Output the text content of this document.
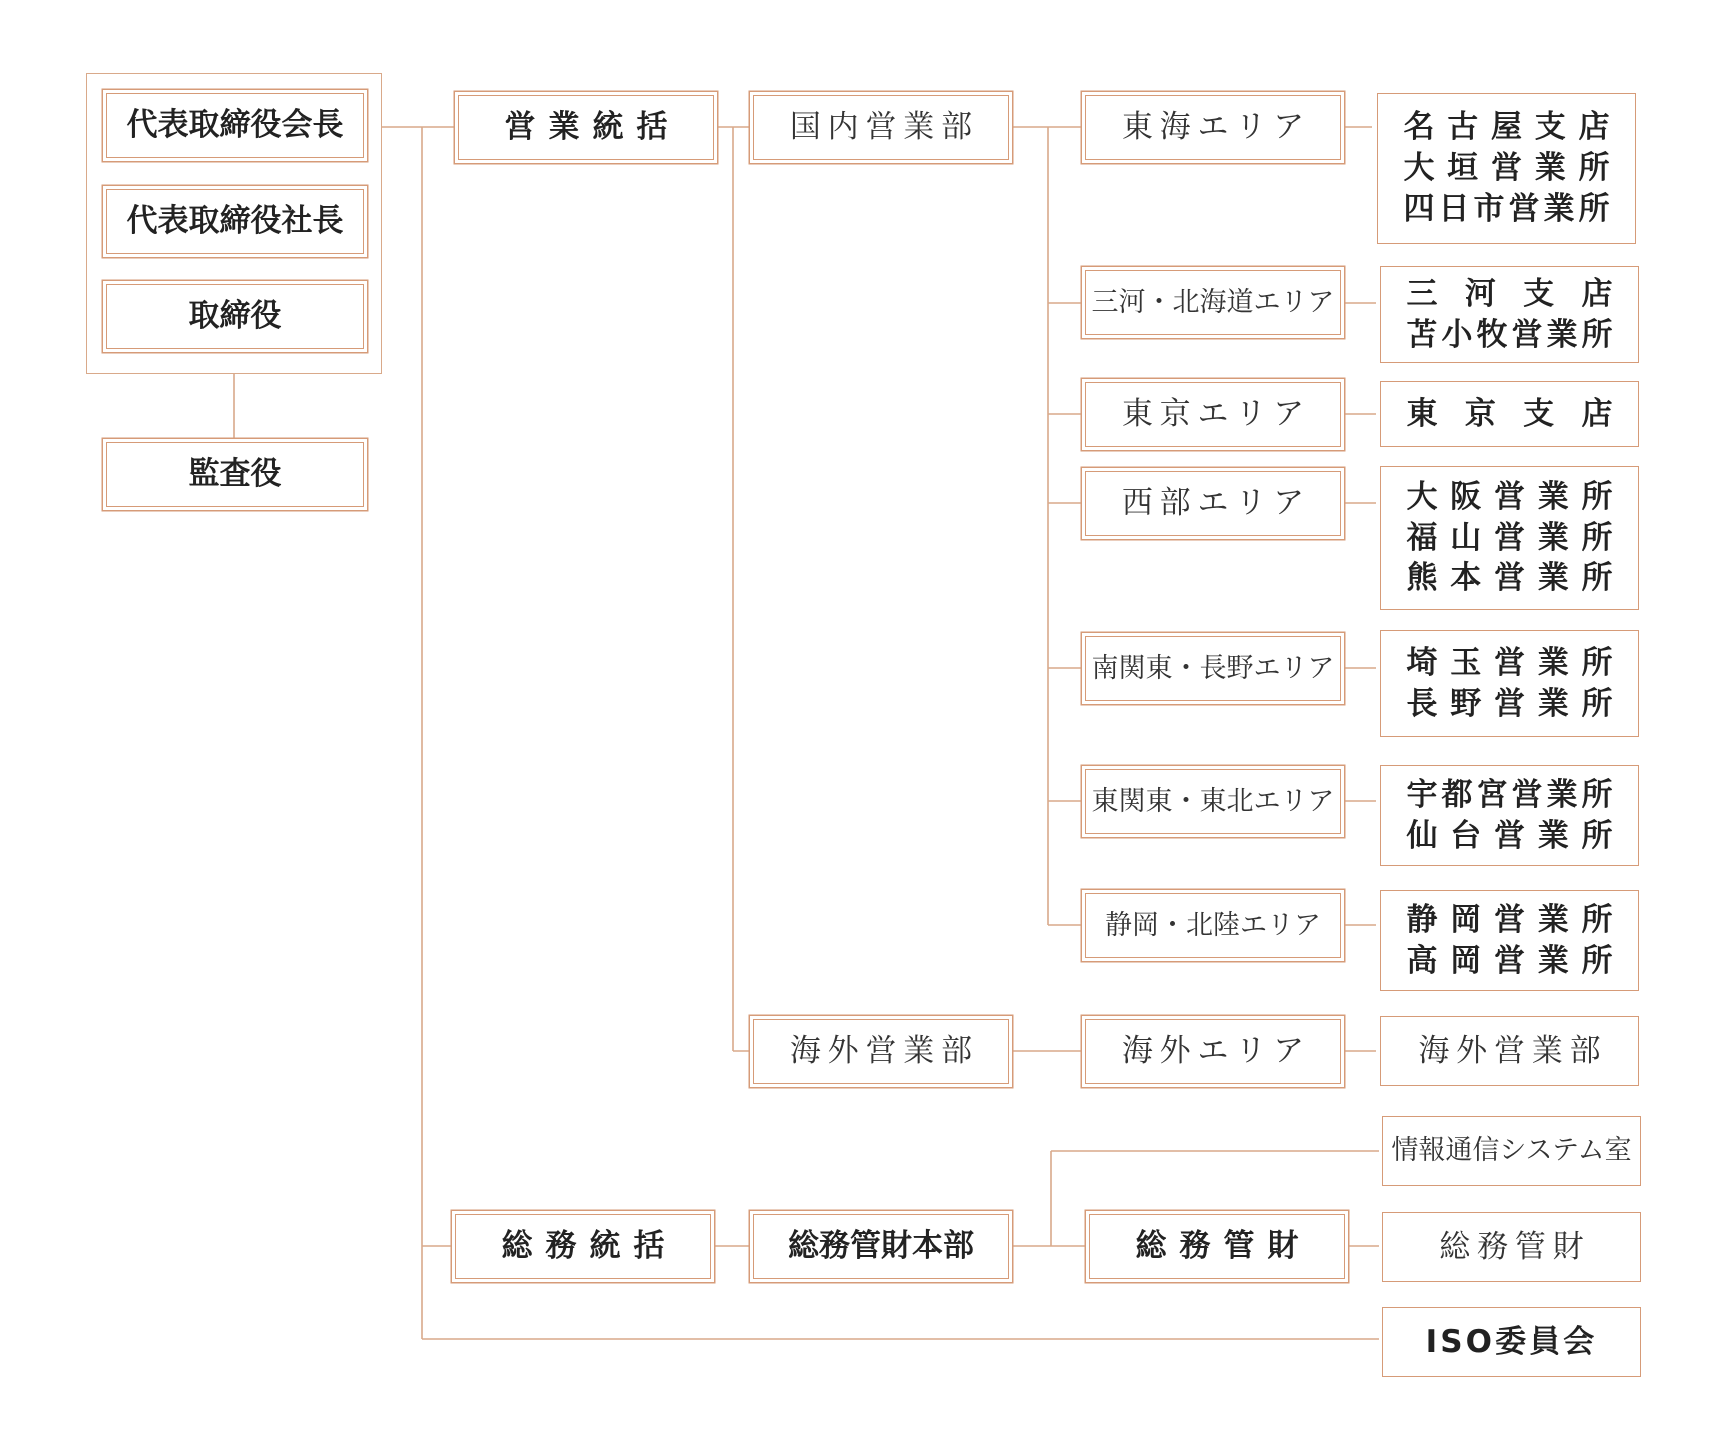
代表取締役会長
代表取締役社長
取締役
監査役
営業統括	国内営業部
海外営業部
東海エリア
三河・北海道エリア
東京エリア
西部エリア
南関東・長野エリア
東関東・東北エリア
静岡・北陸エリア
海外エリア
名古屋支店
大垣営業所
四日市営業所
三河支店
苫小牧営業所
東京支店
大阪営業所
福山営業所
熊本営業所
埼玉営業所
長野営業所
宇都宮営業所
仙台営業所
静岡営業所
高岡営業所
海外営業部
総務統括	総務管財本部	総務管財
情報通信システム室
総務管財
ISO委員会
